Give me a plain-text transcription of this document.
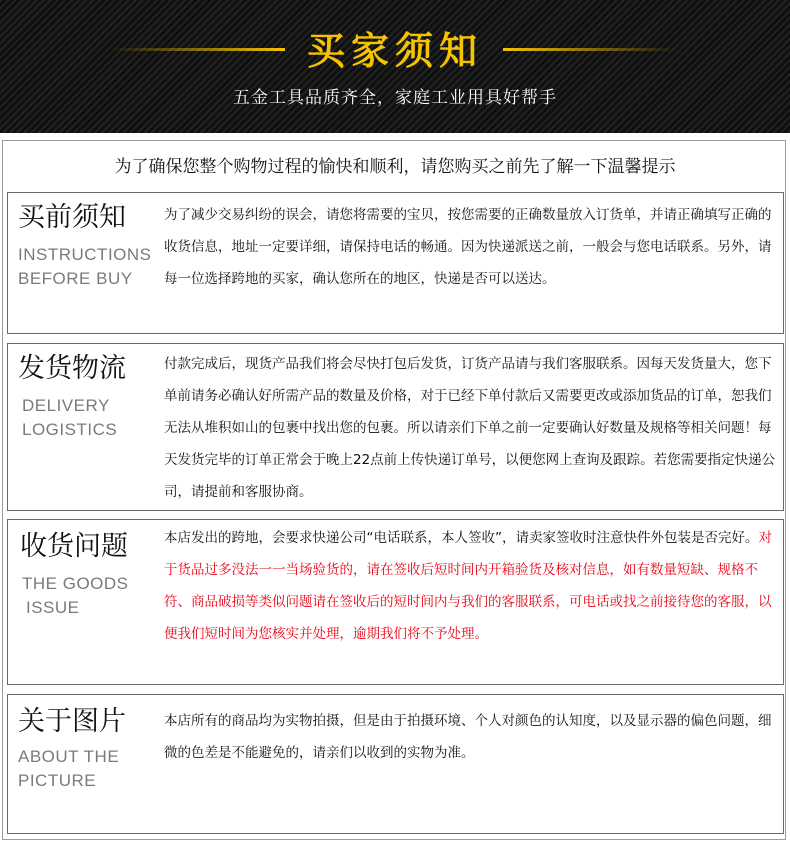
买家须知
五金工具品质齐全，家庭工业用具好帮手
为了确保您整个购物过程的愉快和顺利，请您购买之前先了解一下温馨提示
买前须知
INSTRUCTIONS
BEFORE BUY

为了减少交易纠纷的误会，请您将需要的宝贝，按您需要的正确数量放入订货单，并请正确填写正确的收货信息，地址一定要详细，请保持电话的畅通。因为快递派送之前，一般会与您电话联系。另外，请每一位选择跨地的买家，确认您所在的地区，快递是否可以送达。

发货物流
DELIVERY
LOGISTICS

付款完成后，现货产品我们将会尽快打包后发货，订货产品请与我们客服联系。因每天发货量大，您下单前请务必确认好所需产品的数量及价格，对于已经下单付款后又需要更改或添加货品的订单，恕我们无法从堆积如山的包裹中找出您的包裹。所以请亲们下单之前一定要确认好数量及规格等相关问题！每天发货完毕的订单正常会于晚上22点前上传快递订单号，以便您网上查询及跟踪。若您需要指定快递公司，请提前和客服协商。

收货问题
THE GOODS
ISSUE

本店发出的跨地，会要求快递公司“电话联系，本人签收”，请卖家签收时注意快件外包装是否完好。对于货品过多没法一一当场验货的，请在签收后短时间内开箱验货及核对信息，如有数量短缺、规格不符、商品破损等类似问题请在签收后的短时间内与我们的客服联系，可电话或找之前接待您的客服，以便我们短时间为您核实并处理，逾期我们将不予处理。

关于图片
ABOUT THE
PICTURE

本店所有的商品均为实物拍摄，但是由于拍摄环境、个人对颜色的认知度，以及显示器的偏色问题，细微的色差是不能避免的，请亲们以收到的实物为准。
